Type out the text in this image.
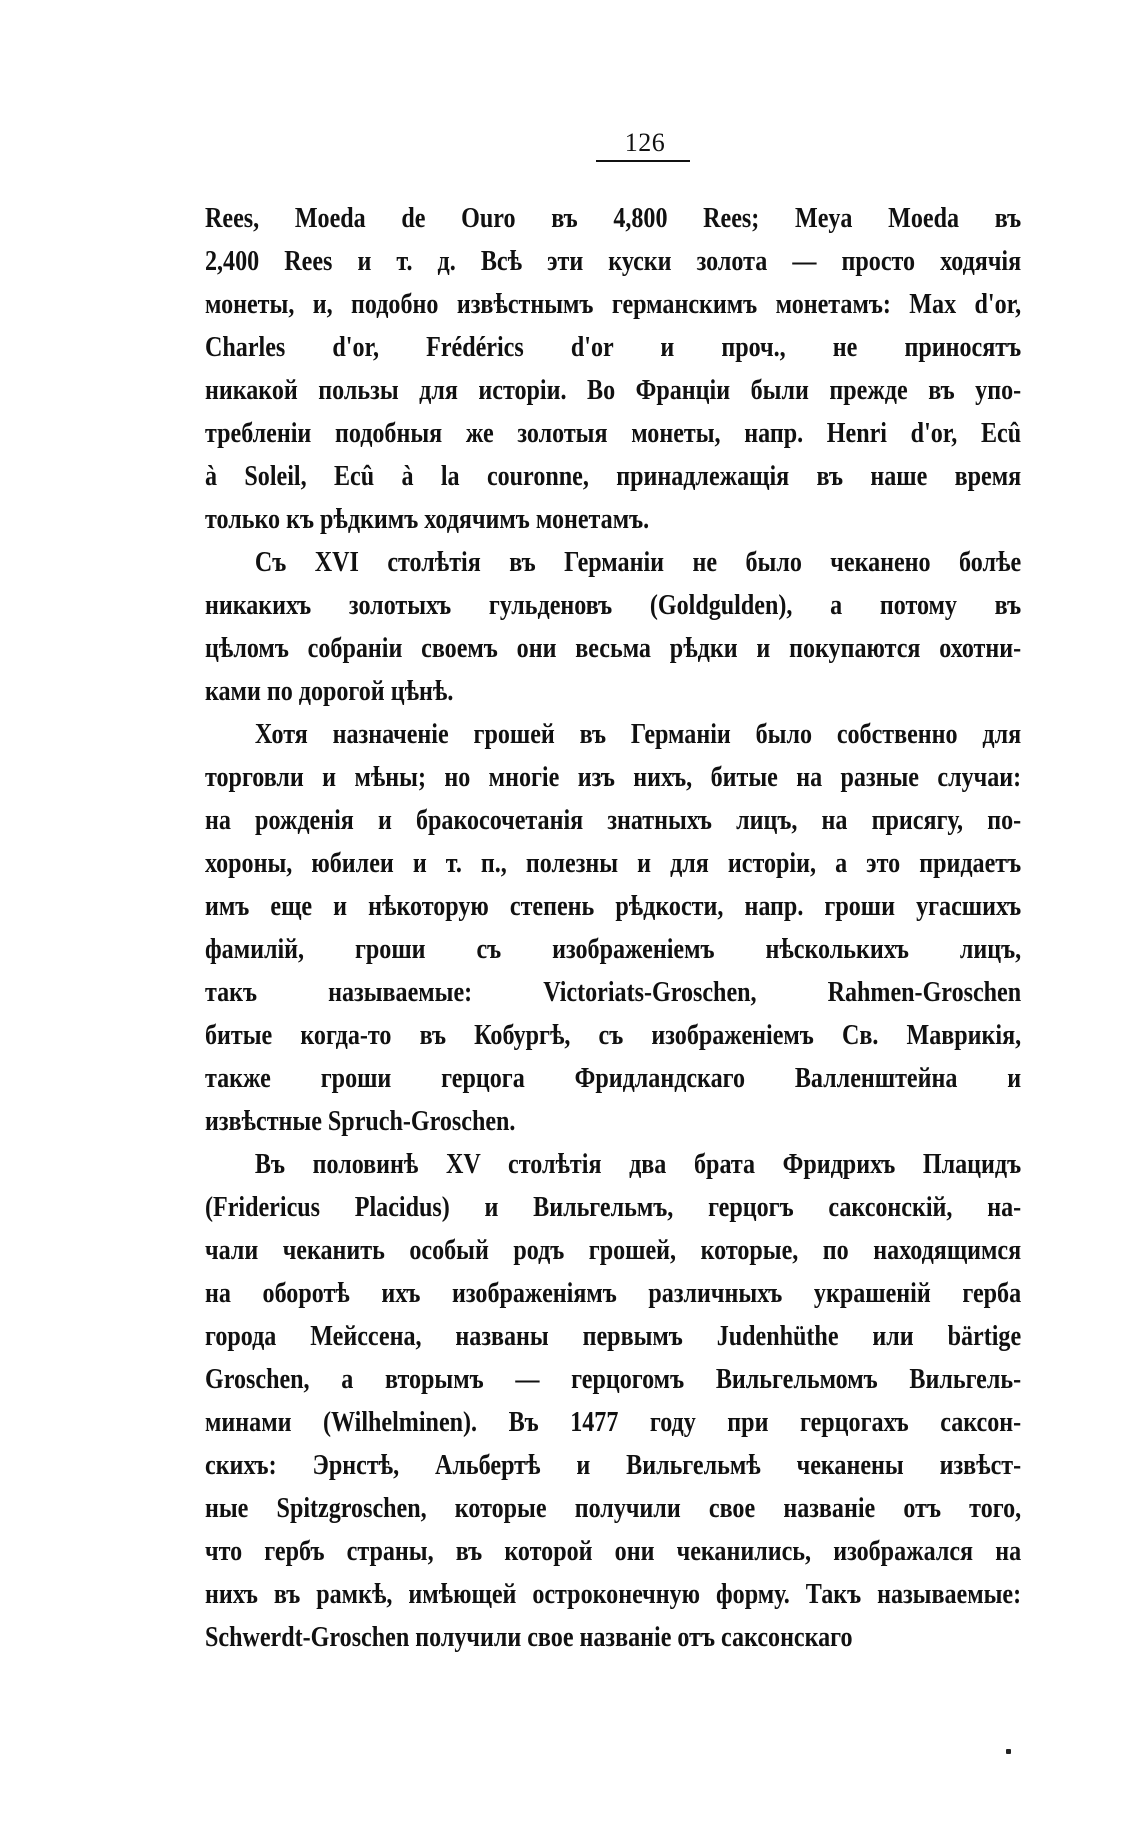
126
Rees, Moeda de Ouro въ 4,800 Rees; Meya Moeda въ
2,400 Rees и т. д. Всѣ эти куски золота — просто ходячія
монеты, и, подобно извѣстнымъ германскимъ монетамъ: Max d'or,
Charles d'or, Frédérics d'or и проч., не приносятъ
никакой пользы для исторіи. Во Франціи были прежде въ упо-
требленіи подобныя же золотыя монеты, напр. Henri d'or, Ecû
à Soleil, Ecû à la couronne, принадлежащія въ наше время
только къ рѣдкимъ ходячимъ монетамъ.
Съ XVI столѣтія въ Германіи не было чеканено болѣе
никакихъ золотыхъ гульденовъ (Goldgulden), а потому въ
цѣломъ собраніи своемъ они весьма рѣдки и покупаются охотни-
ками по дорогой цѣнѣ.
Хотя назначеніе грошей въ Германіи было собственно для
торговли и мѣны; но многіе изъ нихъ, битые на разные случаи:
на рожденія и бракосочетанія знатныхъ лицъ, на присягу, по-
хороны, юбилеи и т. п., полезны и для исторіи, а это придаетъ
имъ еще и нѣкоторую степень рѣдкости, напр. гроши угасшихъ
фамилій, гроши съ изображеніемъ нѣсколькихъ лицъ,
такъ называемые: Victoriats-Groschen, Rahmen-Groschen
битые когда-то въ Кобургѣ, съ изображеніемъ Св. Маврикія,
также гроши герцога Фридландскаго Валленштейна и
извѣстные Spruch-Groschen.
Въ половинѣ XV столѣтія два брата Фридрихъ Плацидъ
(Fridericus Placidus) и Вильгельмъ, герцогъ саксонскій, на-
чали чеканить особый родъ грошей, которые, по находящимся
на оборотѣ ихъ изображеніямъ различныхъ украшеній герба
города Мейссена, названы первымъ Judenhüthe или bärtige
Groschen, а вторымъ — герцогомъ Вильгельмомъ Вильгель-
минами (Wilhelminen). Въ 1477 году при герцогахъ саксон-
скихъ: Эрнстѣ, Альбертѣ и Вильгельмѣ чеканены извѣст-
ные Spitzgroschen, которые получили свое названіе отъ того,
что гербъ страны, въ которой они чеканились, изображался на
нихъ въ рамкѣ, имѣющей остроконечную форму. Такъ называемые:
Schwerdt-Groschen получили свое названіе отъ саксонскаго
